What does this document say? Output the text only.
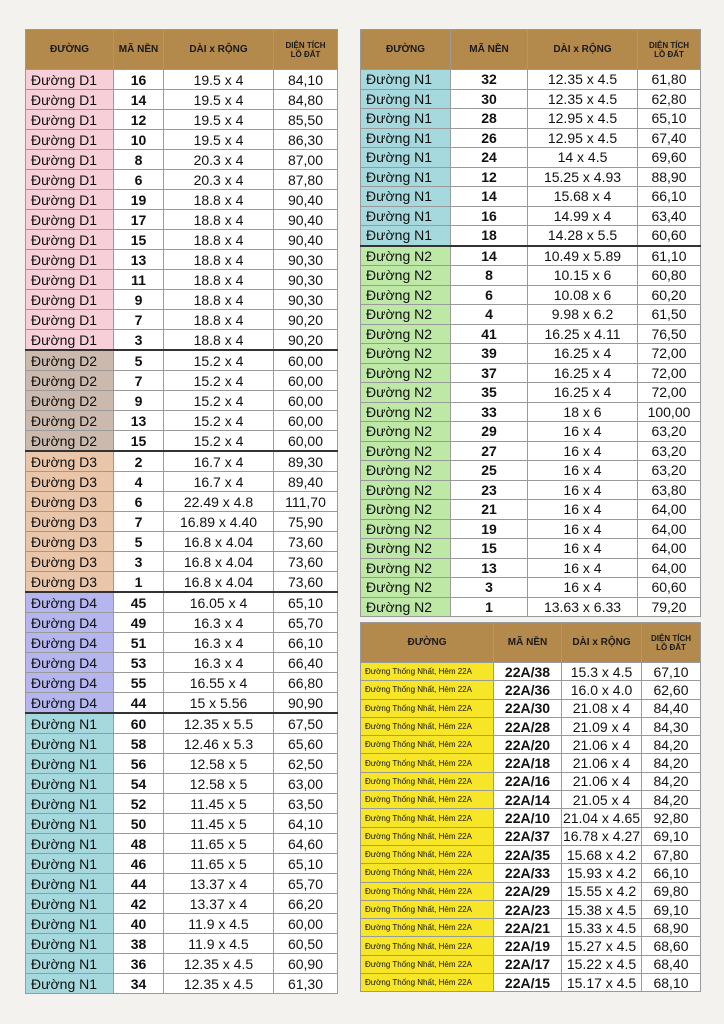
ĐƯỜNG	MÃ NỀN	DÀI x RỘNG	DIỆN TÍCH
LÔ ĐẤT
Đường D1	16	19.5 x 4	84,10
Đường D1	14	19.5 x 4	84,80
Đường D1	12	19.5 x 4	85,50
Đường D1	10	19.5 x 4	86,30
Đường D1	8	20.3 x 4	87,00
Đường D1	6	20.3 x 4	87,80
Đường D1	19	18.8 x 4	90,40
Đường D1	17	18.8 x 4	90,40
Đường D1	15	18.8 x 4	90,40
Đường D1	13	18.8 x 4	90,30
Đường D1	11	18.8 x 4	90,30
Đường D1	9	18.8 x 4	90,30
Đường D1	7	18.8 x 4	90,20
Đường D1	3	18.8 x 4	90,20
Đường D2	5	15.2 x 4	60,00
Đường D2	7	15.2 x 4	60,00
Đường D2	9	15.2 x 4	60,00
Đường D2	13	15.2 x 4	60,00
Đường D2	15	15.2 x 4	60,00
Đường D3	2	16.7 x 4	89,30
Đường D3	4	16.7 x 4	89,40
Đường D3	6	22.49 x 4.8	111,70
Đường D3	7	16.89 x 4.40	75,90
Đường D3	5	16.8 x 4.04	73,60
Đường D3	3	16.8 x 4.04	73,60
Đường D3	1	16.8 x 4.04	73,60
Đường D4	45	16.05 x 4	65,10
Đường D4	49	16.3 x 4	65,70
Đường D4	51	16.3 x 4	66,10
Đường D4	53	16.3 x 4	66,40
Đường D4	55	16.55 x 4	66,80
Đường D4	44	15 x 5.56	90,90
Đường N1	60	12.35 x 5.5	67,50
Đường N1	58	12.46 x 5.3	65,60
Đường N1	56	12.58 x 5	62,50
Đường N1	54	12.58 x 5	63,00
Đường N1	52	11.45 x 5	63,50
Đường N1	50	11.45 x 5	64,10
Đường N1	48	11.65 x 5	64,60
Đường N1	46	11.65 x 5	65,10
Đường N1	44	13.37 x 4	65,70
Đường N1	42	13.37 x 4	66,20
Đường N1	40	11.9 x 4.5	60,00
Đường N1	38	11.9 x 4.5	60,50
Đường N1	36	12.35 x 4.5	60,90
Đường N1	34	12.35 x 4.5	61,30
ĐƯỜNG	MÃ NỀN	DÀI x RỘNG	DIỆN TÍCH
LÔ ĐẤT
Đường N1	32	12.35 x 4.5	61,80
Đường N1	30	12.35 x 4.5	62,80
Đường N1	28	12.95 x 4.5	65,10
Đường N1	26	12.95 x 4.5	67,40
Đường N1	24	14 x 4.5	69,60
Đường N1	12	15.25 x 4.93	88,90
Đường N1	14	15.68 x 4	66,10
Đường N1	16	14.99 x 4	63,40
Đường N1	18	14.28 x 5.5	60,60
Đường N2	14	10.49 x 5.89	61,10
Đường N2	8	10.15 x 6	60,80
Đường N2	6	10.08 x 6	60,20
Đường N2	4	9.98 x 6.2	61,50
Đường N2	41	16.25 x 4.11	76,50
Đường N2	39	16.25 x 4	72,00
Đường N2	37	16.25 x 4	72,00
Đường N2	35	16.25 x 4	72,00
Đường N2	33	18 x 6	100,00
Đường N2	29	16 x 4	63,20
Đường N2	27	16 x 4	63,20
Đường N2	25	16 x 4	63,20
Đường N2	23	16 x 4	63,80
Đường N2	21	16 x 4	64,00
Đường N2	19	16 x 4	64,00
Đường N2	15	16 x 4	64,00
Đường N2	13	16 x 4	64,00
Đường N2	3	16 x 4	60,60
Đường N2	1	13.63 x 6.33	79,20
ĐƯỜNG	MÃ NỀN	DÀI x RỘNG	DIỆN TÍCH
LÔ ĐẤT
Đường Thống Nhất, Hẻm 22A	22A/38	15.3 x 4.5	67,10
Đường Thống Nhất, Hẻm 22A	22A/36	16.0 x 4.0	62,60
Đường Thống Nhất, Hẻm 22A	22A/30	21.08 x 4	84,40
Đường Thống Nhất, Hẻm 22A	22A/28	21.09 x 4	84,30
Đường Thống Nhất, Hẻm 22A	22A/20	21.06 x 4	84,20
Đường Thống Nhất, Hẻm 22A	22A/18	21.06 x 4	84,20
Đường Thống Nhất, Hẻm 22A	22A/16	21.06 x 4	84,20
Đường Thống Nhất, Hẻm 22A	22A/14	21.05 x 4	84,20
Đường Thống Nhất, Hẻm 22A	22A/10	21.04 x 4.65	92,80
Đường Thống Nhất, Hẻm 22A	22A/37	16.78 x 4.27	69,10
Đường Thống Nhất, Hẻm 22A	22A/35	15.68 x 4.2	67,80
Đường Thống Nhất, Hẻm 22A	22A/33	15.93 x 4.2	66,10
Đường Thống Nhất, Hẻm 22A	22A/29	15.55 x 4.2	69,80
Đường Thống Nhất, Hẻm 22A	22A/23	15.38 x 4.5	69,10
Đường Thống Nhất, Hẻm 22A	22A/21	15.33 x 4.5	68,90
Đường Thống Nhất, Hẻm 22A	22A/19	15.27 x 4.5	68,60
Đường Thống Nhất, Hẻm 22A	22A/17	15.22 x 4.5	68,40
Đường Thống Nhất, Hẻm 22A	22A/15	15.17 x 4.5	68,10
